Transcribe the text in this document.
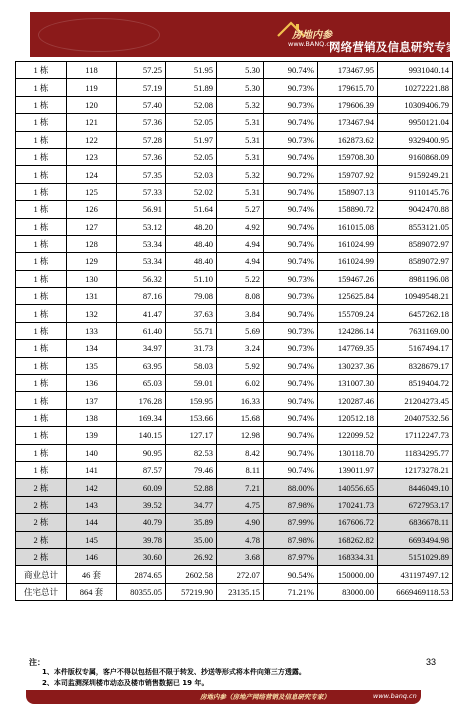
房地内参
www.BANQ.cn
网络营销及信息研究专家
1 栋	118	57.25	51.95	5.30	90.74%	173467.95	9931040.14
1 栋	119	57.19	51.89	5.30	90.73%	179615.70	10272221.88
1 栋	120	57.40	52.08	5.32	90.73%	179606.39	10309406.79
1 栋	121	57.36	52.05	5.31	90.74%	173467.94	9950121.04
1 栋	122	57.28	51.97	5.31	90.73%	162873.62	9329400.95
1 栋	123	57.36	52.05	5.31	90.74%	159708.30	9160868.09
1 栋	124	57.35	52.03	5.32	90.72%	159707.92	9159249.21
1 栋	125	57.33	52.02	5.31	90.74%	158907.13	9110145.76
1 栋	126	56.91	51.64	5.27	90.74%	158890.72	9042470.88
1 栋	127	53.12	48.20	4.92	90.74%	161015.08	8553121.05
1 栋	128	53.34	48.40	4.94	90.74%	161024.99	8589072.97
1 栋	129	53.34	48.40	4.94	90.74%	161024.99	8589072.97
1 栋	130	56.32	51.10	5.22	90.73%	159467.26	8981196.08
1 栋	131	87.16	79.08	8.08	90.73%	125625.84	10949548.21
1 栋	132	41.47	37.63	3.84	90.74%	155709.24	6457262.18
1 栋	133	61.40	55.71	5.69	90.73%	124286.14	7631169.00
1 栋	134	34.97	31.73	3.24	90.73%	147769.35	5167494.17
1 栋	135	63.95	58.03	5.92	90.74%	130237.36	8328679.17
1 栋	136	65.03	59.01	6.02	90.74%	131007.30	8519404.72
1 栋	137	176.28	159.95	16.33	90.74%	120287.46	21204273.45
1 栋	138	169.34	153.66	15.68	90.74%	120512.18	20407532.56
1 栋	139	140.15	127.17	12.98	90.74%	122099.52	17112247.73
1 栋	140	90.95	82.53	8.42	90.74%	130118.70	11834295.77
1 栋	141	87.57	79.46	8.11	90.74%	139011.97	12173278.21
2 栋	142	60.09	52.88	7.21	88.00%	140556.65	8446049.10
2 栋	143	39.52	34.77	4.75	87.98%	170241.73	6727953.17
2 栋	144	40.79	35.89	4.90	87.99%	167606.72	6836678.11
2 栋	145	39.78	35.00	4.78	87.98%	168262.82	6693494.98
2 栋	146	30.60	26.92	3.68	87.97%	168334.31	5151029.89
商业总计	46 套	2874.65	2602.58	272.07	90.54%	150000.00	431197497.12
住宅总计	864 套	80355.05	57219.90	23135.15	71.21%	83000.00	6669469118.53
注：
1、本件版权专属，客户不得以包括但不限于转发、抄送等形式将本件向第三方透露。
2、本司监测深圳楼市动态及楼市销售数据已 19 年。
33
房地内参（房地产网络营销及信息研究专家）	www.banq.cn
